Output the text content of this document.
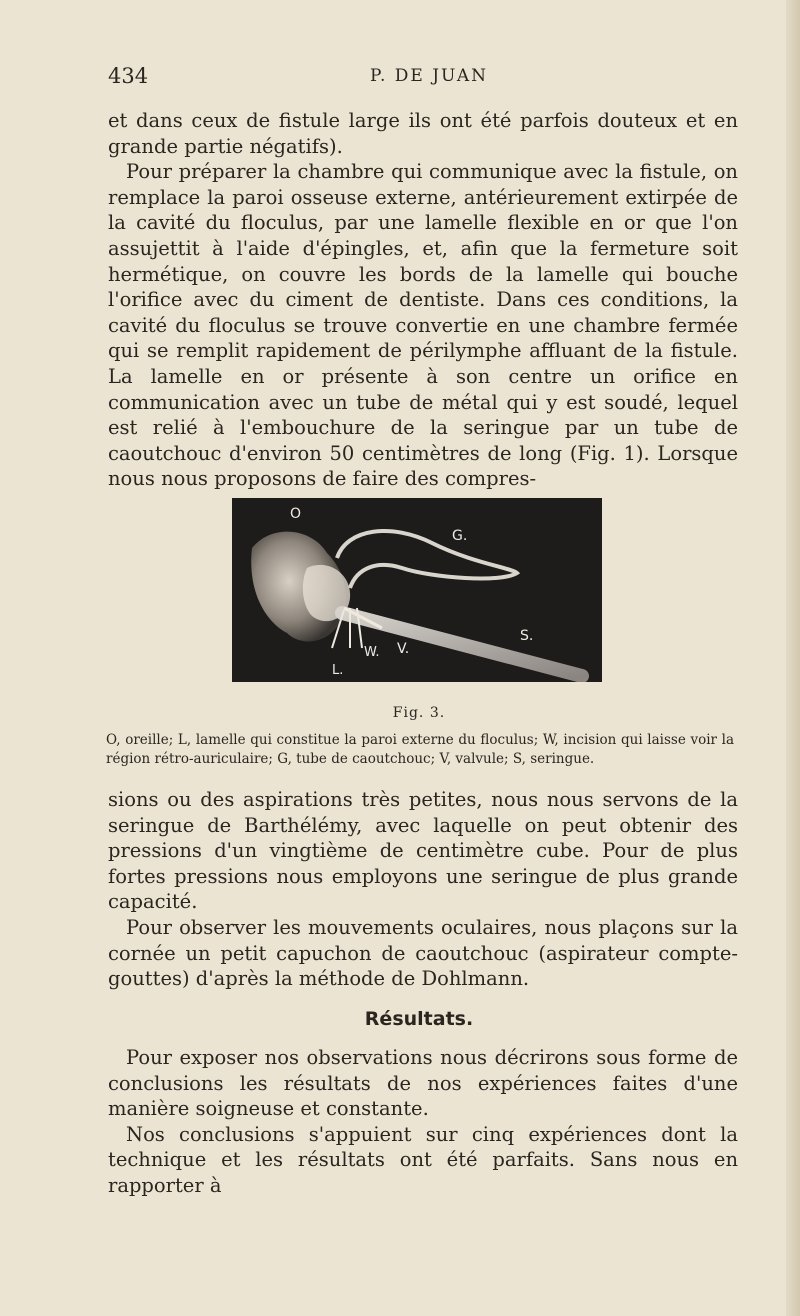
434	P. DE JUAN

et dans ceux de fistule large ils ont été parfois douteux et en grande partie négatifs).

Pour préparer la chambre qui communique avec la fistule, on remplace la paroi osseuse externe, antérieurement extirpée de la cavité du floculus, par une lamelle flexible en or que l'on assujettit à l'aide d'épingles, et, afin que la fermeture soit hermétique, on couvre les bords de la lamelle qui bouche l'orifice avec du ciment de dentiste. Dans ces conditions, la cavité du floculus se trouve convertie en une chambre fermée qui se remplit rapidement de périlymphe affluant de la fistule. La lamelle en or présente à son centre un orifice en communication avec un tube de métal qui y est soudé, lequel est relié à l'embouchure de la seringue par un tube de caoutchouc d'environ 50 centimètres de long (Fig. 1). Lorsque nous nous proposons de faire des compres-

O
G.
S.
W. V.
L.
Fig. 3.
O, oreille; L, lamelle qui constitue la paroi externe du floculus; W, incision qui laisse voir la région rétro-auriculaire; G, tube de caoutchouc; V, valvule; S, seringue.

sions ou des aspirations très petites, nous nous servons de la seringue de Barthélémy, avec laquelle on peut obtenir des pressions d'un vingtième de centimètre cube. Pour de plus fortes pressions nous employons une seringue de plus grande capacité.

Pour observer les mouvements oculaires, nous plaçons sur la cornée un petit capuchon de caoutchouc (aspirateur compte-gouttes) d'après la méthode de Dohlmann.

Résultats.

Pour exposer nos observations nous décrirons sous forme de conclusions les résultats de nos expériences faites d'une manière soigneuse et constante.

Nos conclusions s'appuient sur cinq expériences dont la technique et les résultats ont été parfaits. Sans nous en rapporter à
